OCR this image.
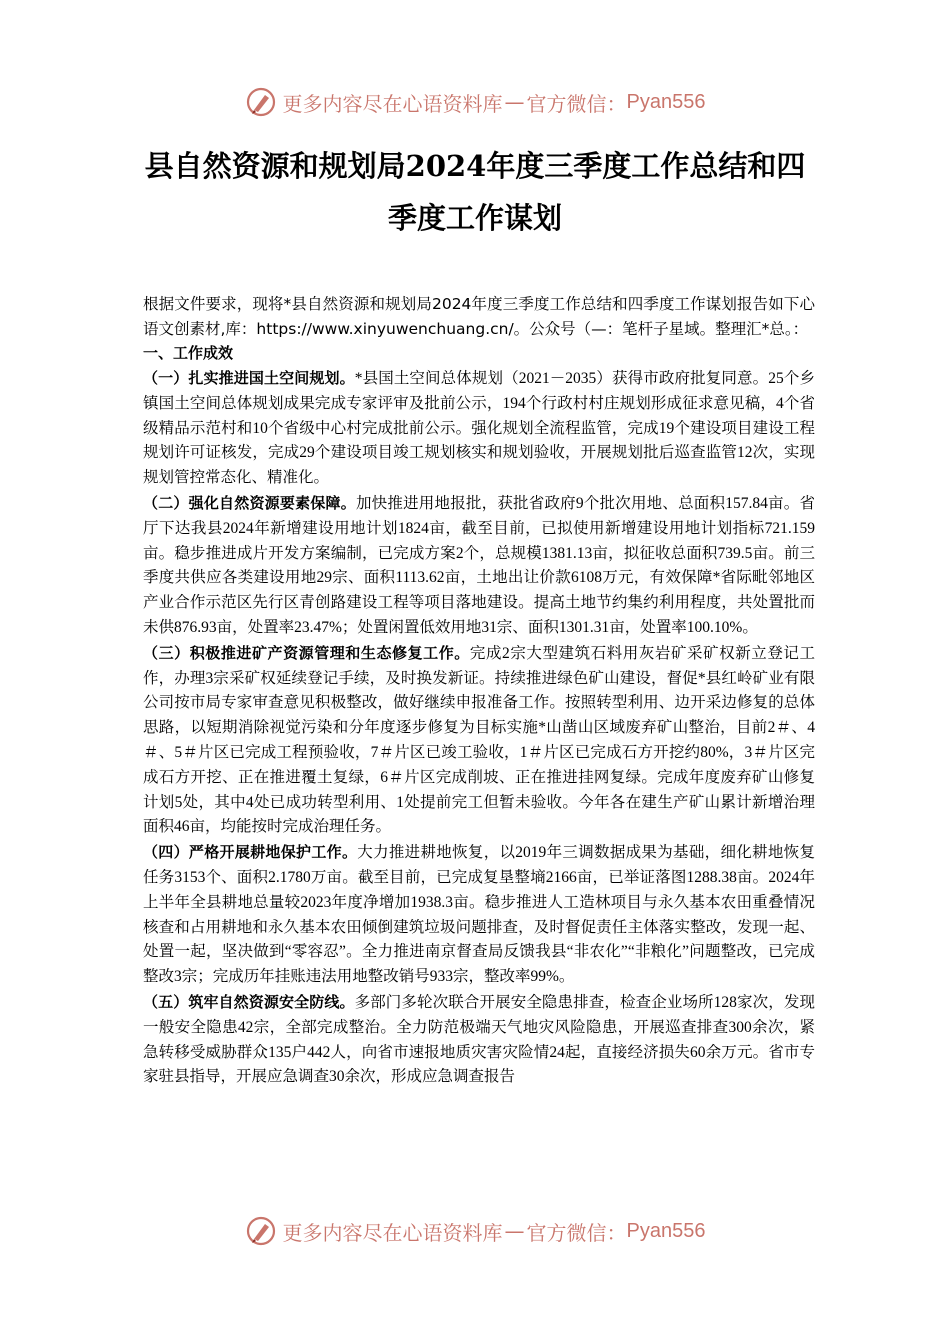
更多内容尽在心语资料库 — 官方微信： Pyan556
县自然资源和规划局2024年度三季度工作总结和四
季度工作谋划

根据文件要求，现将*县自然资源和规划局2024年度三季度工作总结和四季度工作谋划报告如下心语文创素材,库：https://www.xinyuwenchuang.cn/。公众号（—：笔杆子星域。整理汇*总。：

一、工作成效

（一）扎实推进国土空间规划。*县国土空间总体规划（2021－2035）获得市政府批复同意。25个乡镇国土空间总体规划成果完成专家评审及批前公示，194个行政村村庄规划形成征求意见稿，4个省级精品示范村和10个省级中心村完成批前公示。强化规划全流程监管，完成19个建设项目建设工程规划许可证核发，完成29个建设项目竣工规划核实和规划验收，开展规划批后巡查监管12次，实现规划管控常态化、精准化。

（二）强化自然资源要素保障。加快推进用地报批，获批省政府9个批次用地、总面积157.84亩。省厅下达我县2024年新增建设用地计划1824亩，截至目前，已拟使用新增建设用地计划指标721.159亩。稳步推进成片开发方案编制，已完成方案2个，总规模1381.13亩，拟征收总面积739.5亩。前三季度共供应各类建设用地29宗、面积1113.62亩，土地出让价款6108万元，有效保障*省际毗邻地区产业合作示范区先行区青创路建设工程等项目落地建设。提高土地节约集约利用程度，共处置批而未供876.93亩，处置率23.47%；处置闲置低效用地31宗、面积1301.31亩，处置率100.10%。

（三）积极推进矿产资源管理和生态修复工作。完成2宗大型建筑石料用灰岩矿采矿权新立登记工作，办理3宗采矿权延续登记手续，及时换发新证。持续推进绿色矿山建设，督促*县红岭矿业有限公司按市局专家审查意见积极整改，做好继续申报准备工作。按照转型利用、边开采边修复的总体思路，以短期消除视觉污染和分年度逐步修复为目标实施*山凿山区域废弃矿山整治，目前2＃、4＃、5＃片区已完成工程预验收，7＃片区已竣工验收，1＃片区已完成石方开挖约80%，3＃片区完成石方开挖、正在推进覆土复绿，6＃片区完成削坡、正在推进挂网复绿。完成年度废弃矿山修复计划5处，其中4处已成功转型利用、1处提前完工但暂未验收。今年各在建生产矿山累计新增治理面积46亩，均能按时完成治理任务。

（四）严格开展耕地保护工作。大力推进耕地恢复，以2019年三调数据成果为基础，细化耕地恢复任务3153个、面积2.1780万亩。截至目前，已完成复垦整墒2166亩，已举证落图1288.38亩。2024年上半年全县耕地总量较2023年度净增加1938.3亩。稳步推进人工造林项目与永久基本农田重叠情况核查和占用耕地和永久基本农田倾倒建筑垃圾问题排查，及时督促责任主体落实整改，发现一起、处置一起，坚决做到“零容忍”。全力推进南京督查局反馈我县“非农化”“非粮化”问题整改，已完成整改3宗；完成历年挂账违法用地整改销号933宗，整改率99%。

（五）筑牢自然资源安全防线。多部门多轮次联合开展安全隐患排查，检查企业场所128家次，发现一般安全隐患42宗，全部完成整治。全力防范极端天气地灾风险隐患，开展巡查排查300余次，紧急转移受威胁群众135户442人，向省市速报地质灾害灾险情24起，直接经济损失60余万元。省市专家驻县指导，开展应急调查30余次，形成应急调查报告

更多内容尽在心语资料库 — 官方微信： Pyan556
